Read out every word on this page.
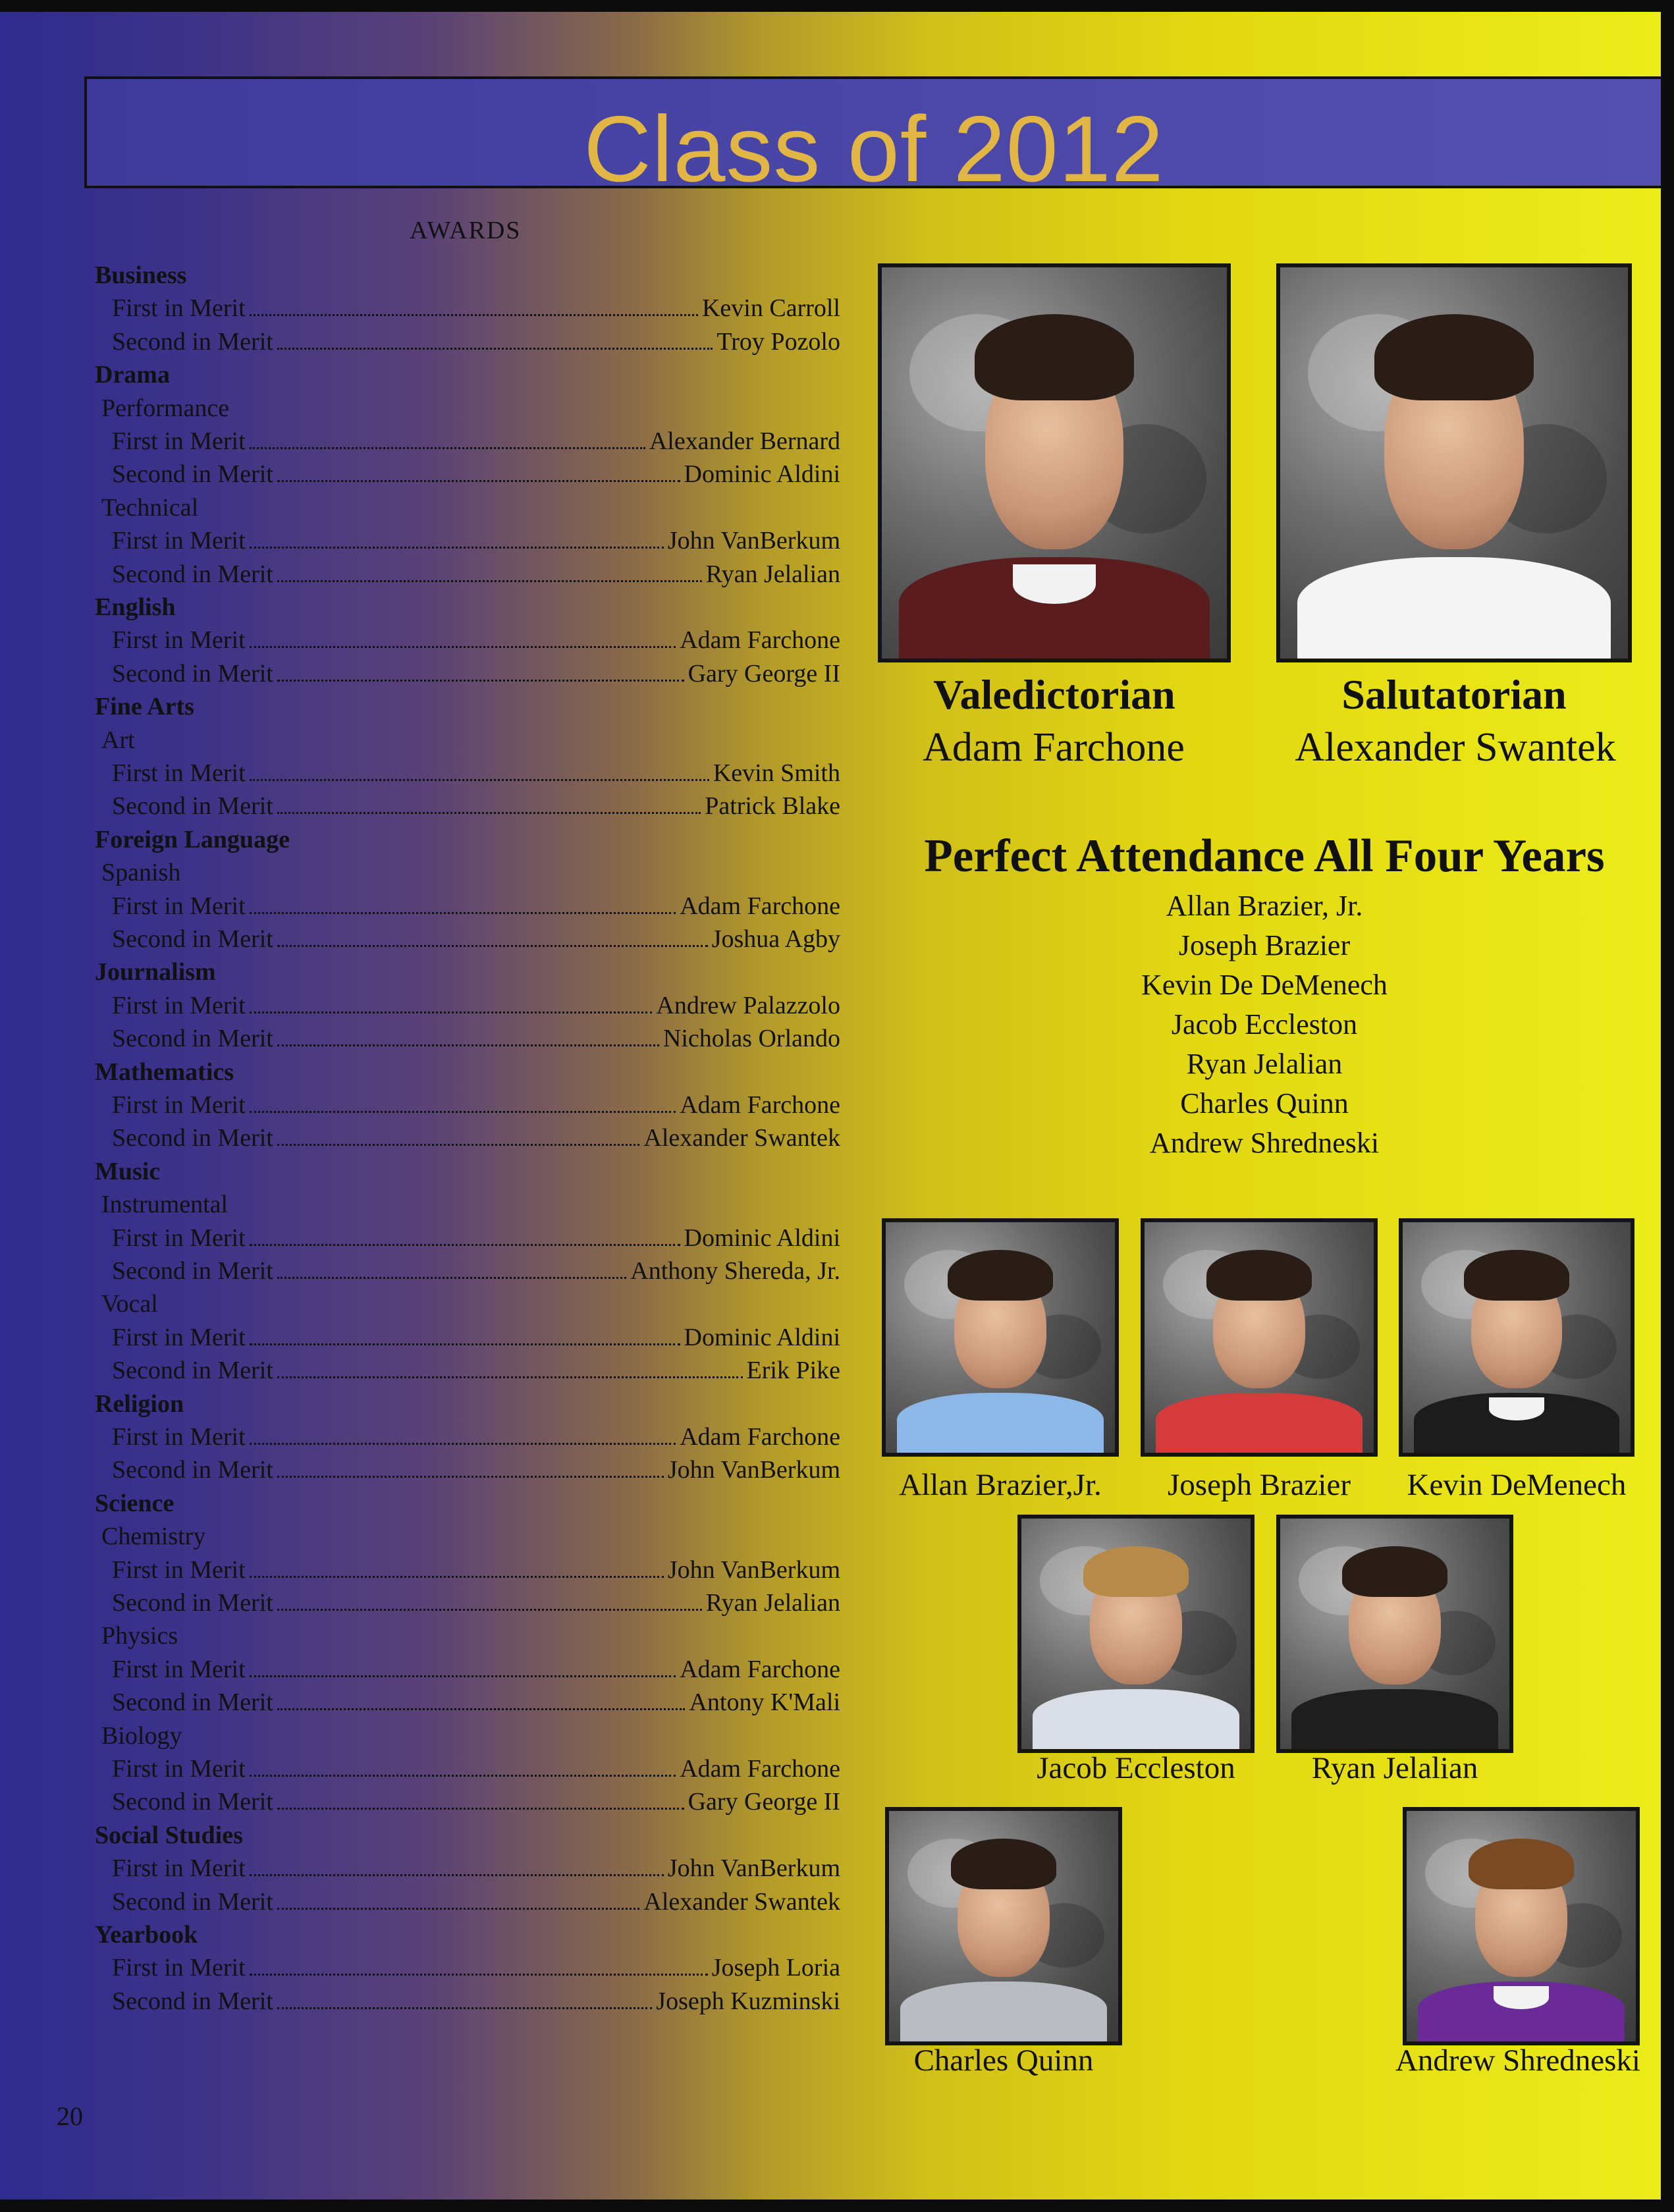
Class of 2012
AWARDS
Business
First in Merit	Kevin Carroll
Second in Merit	Troy Pozolo
Drama
Performance
First in Merit	Alexander Bernard
Second in Merit	Dominic Aldini
Technical
First in Merit	John VanBerkum
Second in Merit	Ryan Jelalian
English
First in Merit	Adam Farchone
Second in Merit	Gary George II
Fine Arts
Art
First in Merit	Kevin Smith
Second in Merit	Patrick Blake
Foreign Language
Spanish
First in Merit	Adam Farchone
Second in Merit	Joshua Agby
Journalism
First in Merit	Andrew Palazzolo
Second in Merit	Nicholas Orlando
Mathematics
First in Merit	Adam Farchone
Second in Merit	Alexander Swantek
Music
Instrumental
First in Merit	Dominic Aldini
Second in Merit	Anthony Shereda, Jr.
Vocal
First in Merit	Dominic Aldini
Second in Merit	Erik Pike
Religion
First in Merit	Adam Farchone
Second in Merit	John VanBerkum
Science
Chemistry
First in Merit	John VanBerkum
Second in Merit	Ryan Jelalian
Physics
First in Merit	Adam Farchone
Second in Merit	Antony K'Mali
Biology
First in Merit	Adam Farchone
Second in Merit	Gary George II
Social Studies
First in Merit	John VanBerkum
Second in Merit	Alexander Swantek
Yearbook
First in Merit	Joseph Loria
Second in Merit	Joseph Kuzminski
Valedictorian
Adam Farchone
Salutatorian
Alexander Swantek
Perfect Attendance All Four Years
Allan Brazier, Jr.
Joseph Brazier
Kevin De DeMenech
Jacob Eccleston
Ryan Jelalian
Charles Quinn
Andrew Shredneski
Allan Brazier,Jr.	Joseph Brazier	Kevin DeMenech
Jacob Eccleston	Ryan Jelalian
Charles Quinn	Andrew Shredneski
20
